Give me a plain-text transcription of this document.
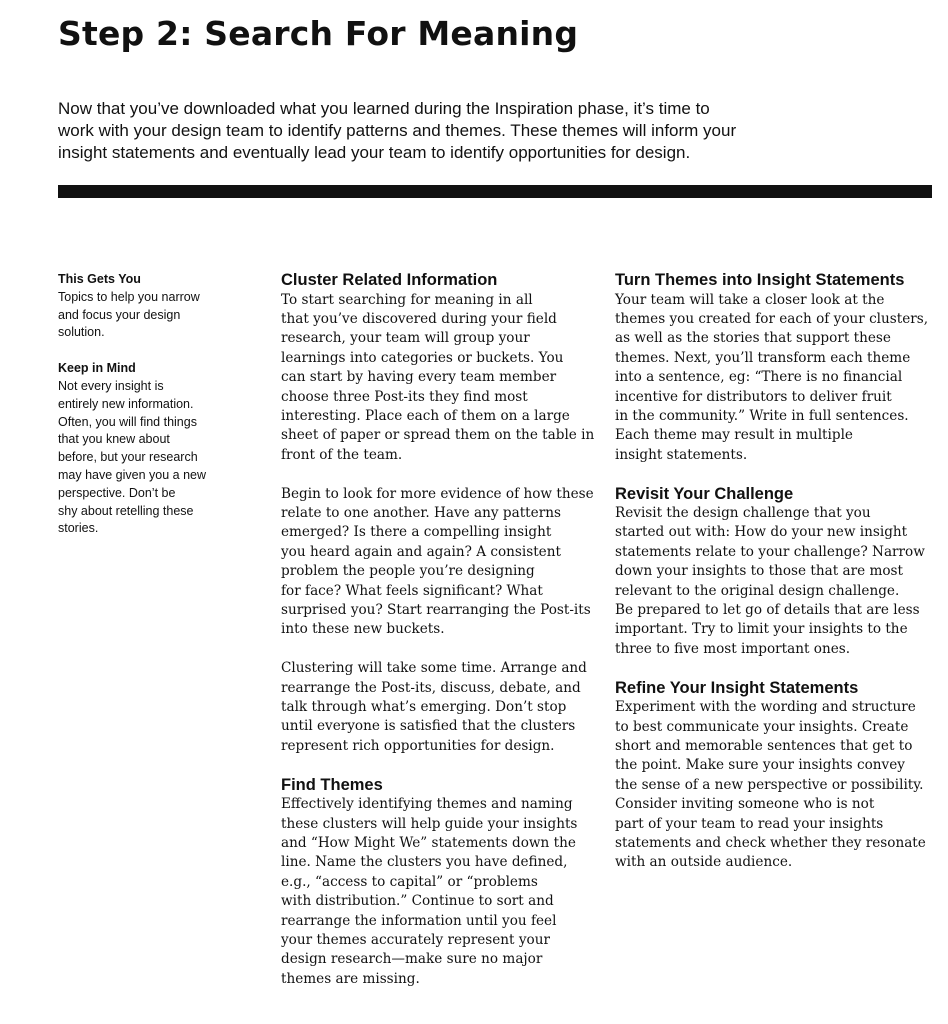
Step 2: Search For Meaning

Now that you’ve downloaded what you learned during the Inspiration phase, it’s time to
work with your design team to identify patterns and themes. These themes will inform your
insight statements and eventually lead your team to identify opportunities for design.

This Gets You
Topics to help you narrow
and focus your design
solution.
Keep in Mind
Not every insight is
entirely new information.
Often, you will find things
that you knew about
before, but your research
may have given you a new
perspective. Don’t be
shy about retelling these
stories.
Cluster Related Information

To start searching for meaning in all
that you’ve discovered during your field
research, your team will group your
learnings into categories or buckets. You
can start by having every team member
choose three Post-its they find most
interesting. Place each of them on a large
sheet of paper or spread them on the table in
front of the team.

Begin to look for more evidence of how these
relate to one another. Have any patterns
emerged? Is there a compelling insight
you heard again and again? A consistent
problem the people you’re designing
for face? What feels significant? What
surprised you? Start rearranging the Post-its
into these new buckets.

Clustering will take some time. Arrange and
rearrange the Post-its, discuss, debate, and
talk through what’s emerging. Don’t stop
until everyone is satisfied that the clusters
represent rich opportunities for design.

Find Themes

Effectively identifying themes and naming
these clusters will help guide your insights
and “How Might We” statements down the
line. Name the clusters you have defined,
e.g., “access to capital” or “problems
with distribution.” Continue to sort and
rearrange the information until you feel
your themes accurately represent your
design research—make sure no major
themes are missing.

Turn Themes into Insight Statements

Your team will take a closer look at the
themes you created for each of your clusters,
as well as the stories that support these
themes. Next, you’ll transform each theme
into a sentence, eg: “There is no financial
incentive for distributors to deliver fruit
in the community.” Write in full sentences.
Each theme may result in multiple
insight statements.

Revisit Your Challenge

Revisit the design challenge that you
started out with: How do your new insight
statements relate to your challenge? Narrow
down your insights to those that are most
relevant to the original design challenge.
Be prepared to let go of details that are less
important. Try to limit your insights to the
three to five most important ones.

Refine Your Insight Statements

Experiment with the wording and structure
to best communicate your insights. Create
short and memorable sentences that get to
the point. Make sure your insights convey
the sense of a new perspective or possibility.
Consider inviting someone who is not
part of your team to read your insights
statements and check whether they resonate
with an outside audience.
